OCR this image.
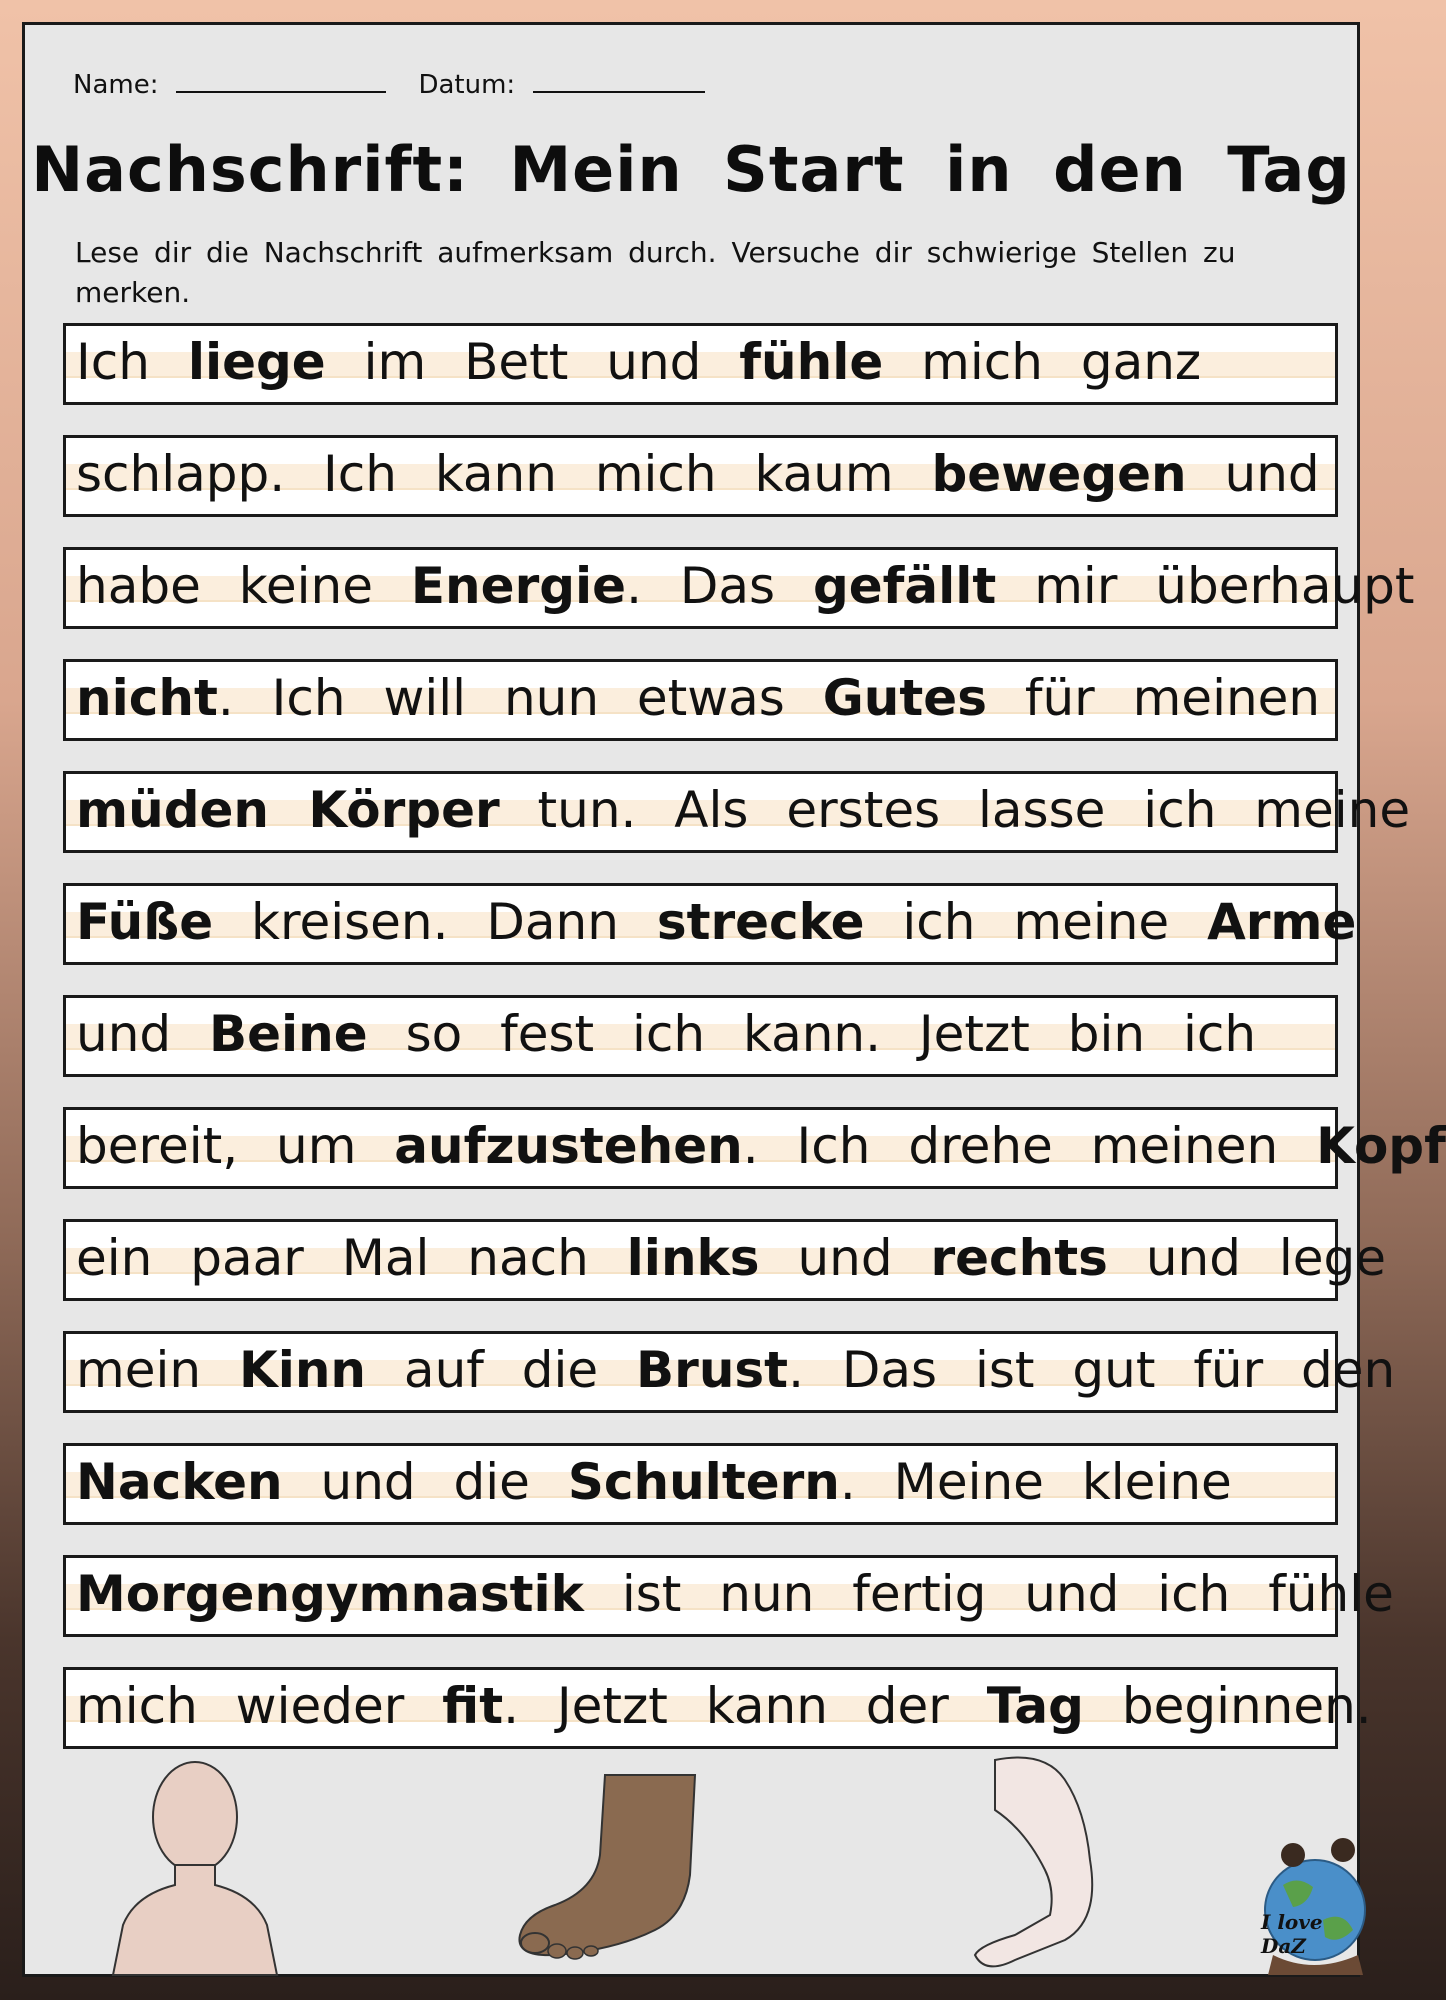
Name:	Datum:
Nachschrift: Mein Start in den Tag
Lese dir die Nachschrift aufmerksam durch. Versuche dir schwierige Stellen zu merken.
Ich liege im Bett und fühle mich ganz
schlapp. Ich kann mich kaum bewegen und
habe keine Energie. Das gefällt mir überhaupt
nicht. Ich will nun etwas Gutes für meinen
müden Körper tun. Als erstes lasse ich meine
Füße kreisen. Dann strecke ich meine Arme
und Beine so fest ich kann. Jetzt bin ich
bereit, um aufzustehen. Ich drehe meinen Kopf
ein paar Mal nach links und rechts und lege
mein Kinn auf die Brust. Das ist gut für den
Nacken und die Schultern. Meine kleine
Morgengymnastik ist nun fertig und ich fühle
mich wieder fit. Jetzt kann der Tag beginnen.
I love DaZ
